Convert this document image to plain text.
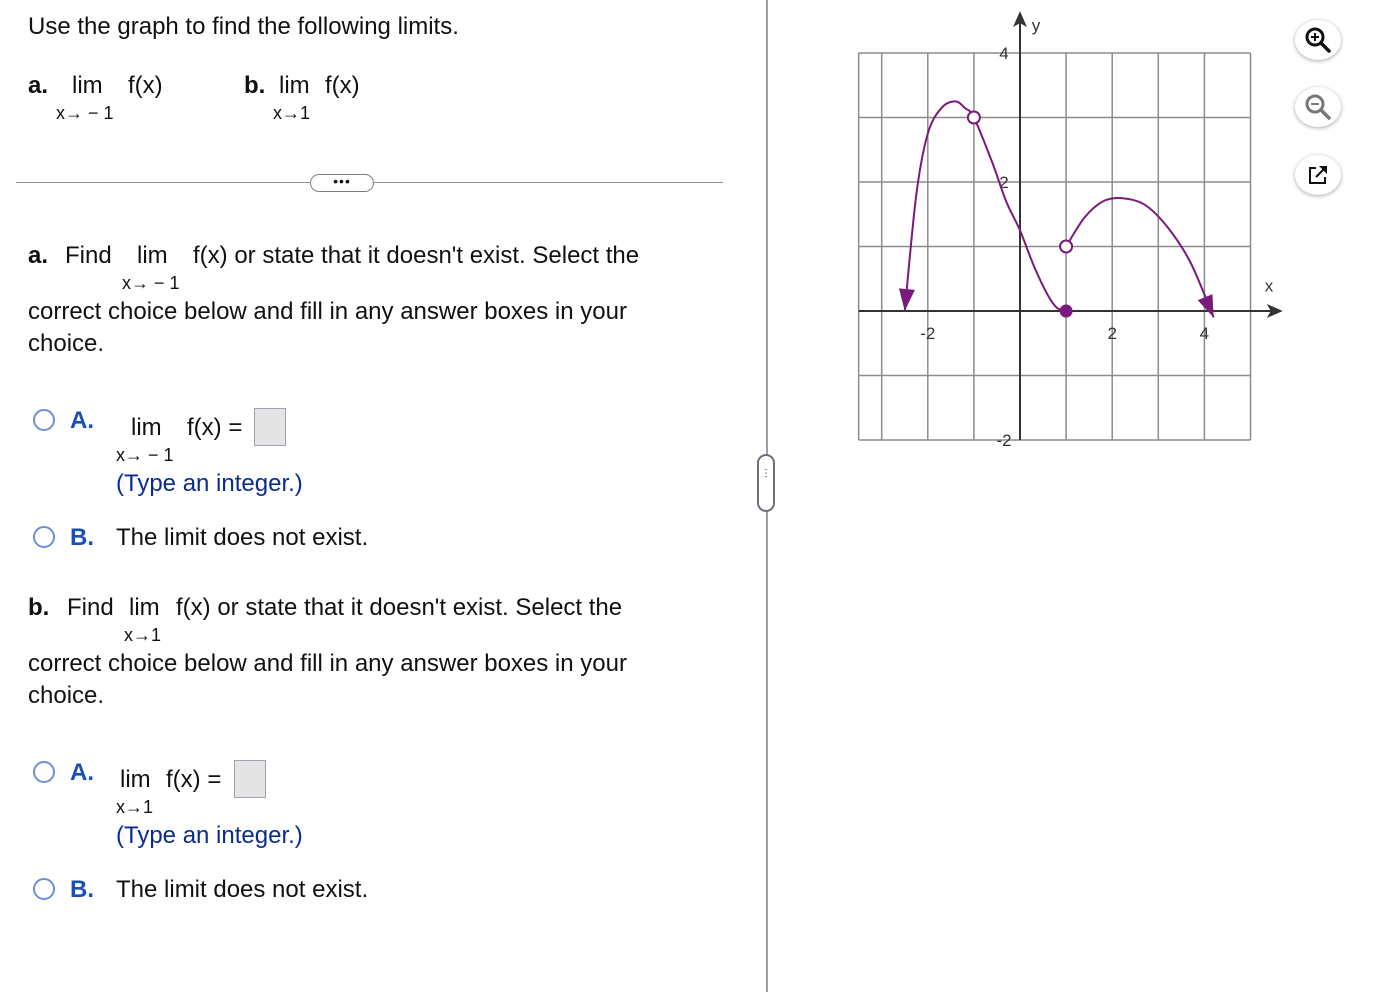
Use the graph to find the following limits.
a. lim f(x)
x→ − 1
b. lim f(x)
x→1
•••
a. Find lim f(x) or state that it doesn't exist. Select the
x→ − 1
correct choice below and fill in any answer boxes in your
choice.
A. lim f(x) =
x→ − 1
(Type an integer.)
B. The limit does not exist.
b. Find lim f(x) or state that it doesn't exist. Select the
x→1
correct choice below and fill in any answer boxes in your
choice.
A. lim f(x) =
x→1
(Type an integer.)
B. The limit does not exist.
⋮
x
y
-2	2	4
4
2
-2
